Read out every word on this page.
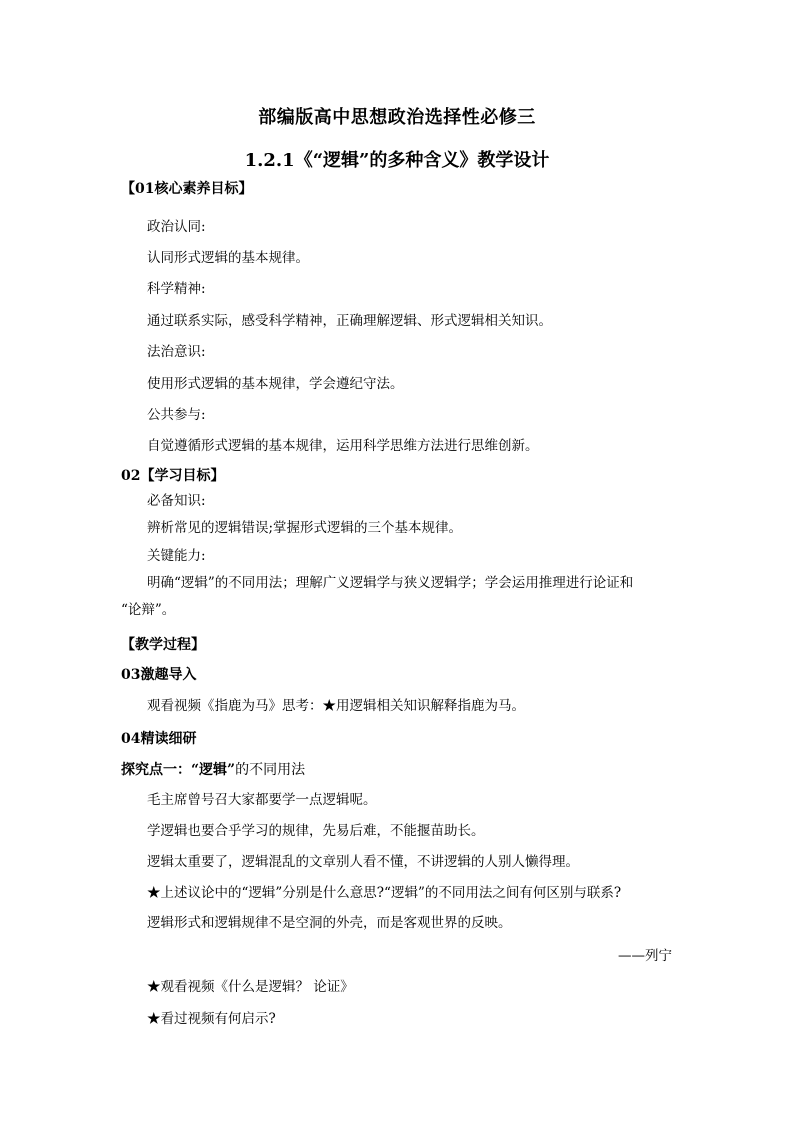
部编版高中思想政治选择性必修三
1.2.1《“逻辑”的多种含义》教学设计
【01核心素养目标】
政治认同:
认同形式逻辑的基本规律。
科学精神:
通过联系实际，感受科学精神，正确理解逻辑、形式逻辑相关知识。
法治意识:
使用形式逻辑的基本规律，学会遵纪守法。
公共参与:
自觉遵循形式逻辑的基本规律，运用科学思维方法进行思维创新。
02【学习目标】
必备知识:
辨析常见的逻辑错误;掌握形式逻辑的三个基本规律。
关键能力:
明确“逻辑”的不同用法；理解广义逻辑学与狭义逻辑学；学会运用推理进行论证和
“论辩”。
【教学过程】
03激趣导入
观看视频《指鹿为马》思考：★用逻辑相关知识解释指鹿为马。
04精读细研
探究点一：“逻辑”的不同用法
毛主席曾号召大家都要学一点逻辑呢。
学逻辑也要合乎学习的规律，先易后难，不能揠苗助长。
逻辑太重要了，逻辑混乱的文章别人看不懂，不讲逻辑的人别人懒得理。
★上述议论中的“逻辑”分别是什么意思?“逻辑”的不同用法之间有何区别与联系?
逻辑形式和逻辑规律不是空洞的外壳，而是客观世界的反映。
——列宁
★观看视频《什么是逻辑？ 论证》
★看过视频有何启示?
